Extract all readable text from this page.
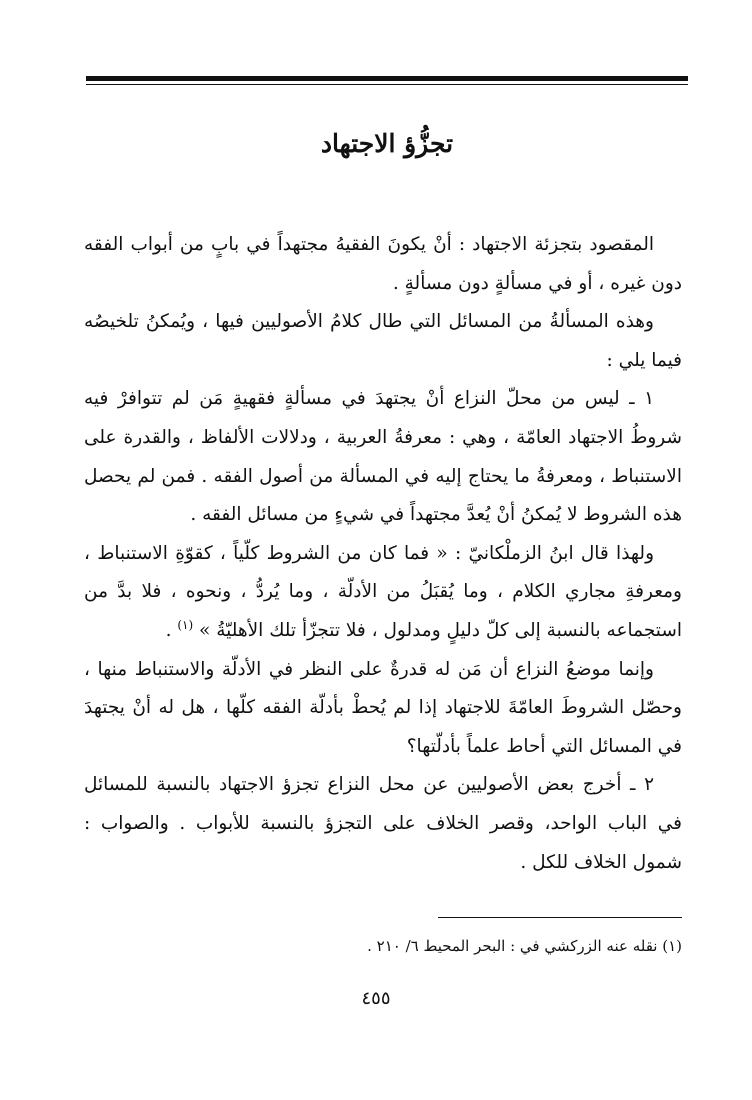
تجزُّؤ الاجتهاد

المقصود بتجزئة الاجتهاد : أنْ يكونَ الفقيهُ مجتهداً في بابٍ من أبواب الفقه دون غيره ، أو في مسألةٍ دون مسألةٍ .

وهذه المسألةُ من المسائل التي طال كلامُ الأصوليين فيها ، ويُمكنُ تلخيصُه فيما يلي :

١ ـ ليس من محلّ النزاع أنْ يجتهدَ في مسألةٍ فقهيةٍ مَن لم تتوافرْ فيه شروطُ الاجتهاد العامّة ، وهي : معرفةُ العربية ، ودلالات الألفاظ ، والقدرة على الاستنباط ، ومعرفةُ ما يحتاج إليه في المسألة من أصول الفقه . فمن لم يحصل هذه الشروط لا يُمكنُ أنْ يُعدَّ مجتهداً في شيءٍ من مسائل الفقه .

ولهذا قال ابنُ الزملْكانيّ : « فما كان من الشروط كلّياً ، كقوّةِ الاستنباط ، ومعرفةِ مجاري الكلام ، وما يُقبَلُ من الأدلّة ، وما يُردُّ ، ونحوه ، فلا بدَّ من استجماعه بالنسبة إلى كلّ دليلٍ ومدلول ، فلا تتجزّأ تلك الأهليّةُ » $^{(١)}$ .

وإنما موضعُ النزاع أن مَن له قدرةٌ على النظر في الأدلّة والاستنباط منها ، وحصّل الشروطَ العامّةَ للاجتهاد إذا لم يُحطْ بأدلّة الفقه كلّها ، هل له أنْ يجتهدَ في المسائل التي أحاط علماً بأدلّتها؟

٢ ـ أخرج بعض الأصوليين عن محل النزاع تجزؤ الاجتهاد بالنسبة للمسائل في الباب الواحد، وقصر الخلاف على التجزؤ بالنسبة للأبواب . والصواب : شمول الخلاف للكل .

(١) نقله عنه الزركشي في : البحر المحيط ٦/ ٢١٠ .
٤٥٥
